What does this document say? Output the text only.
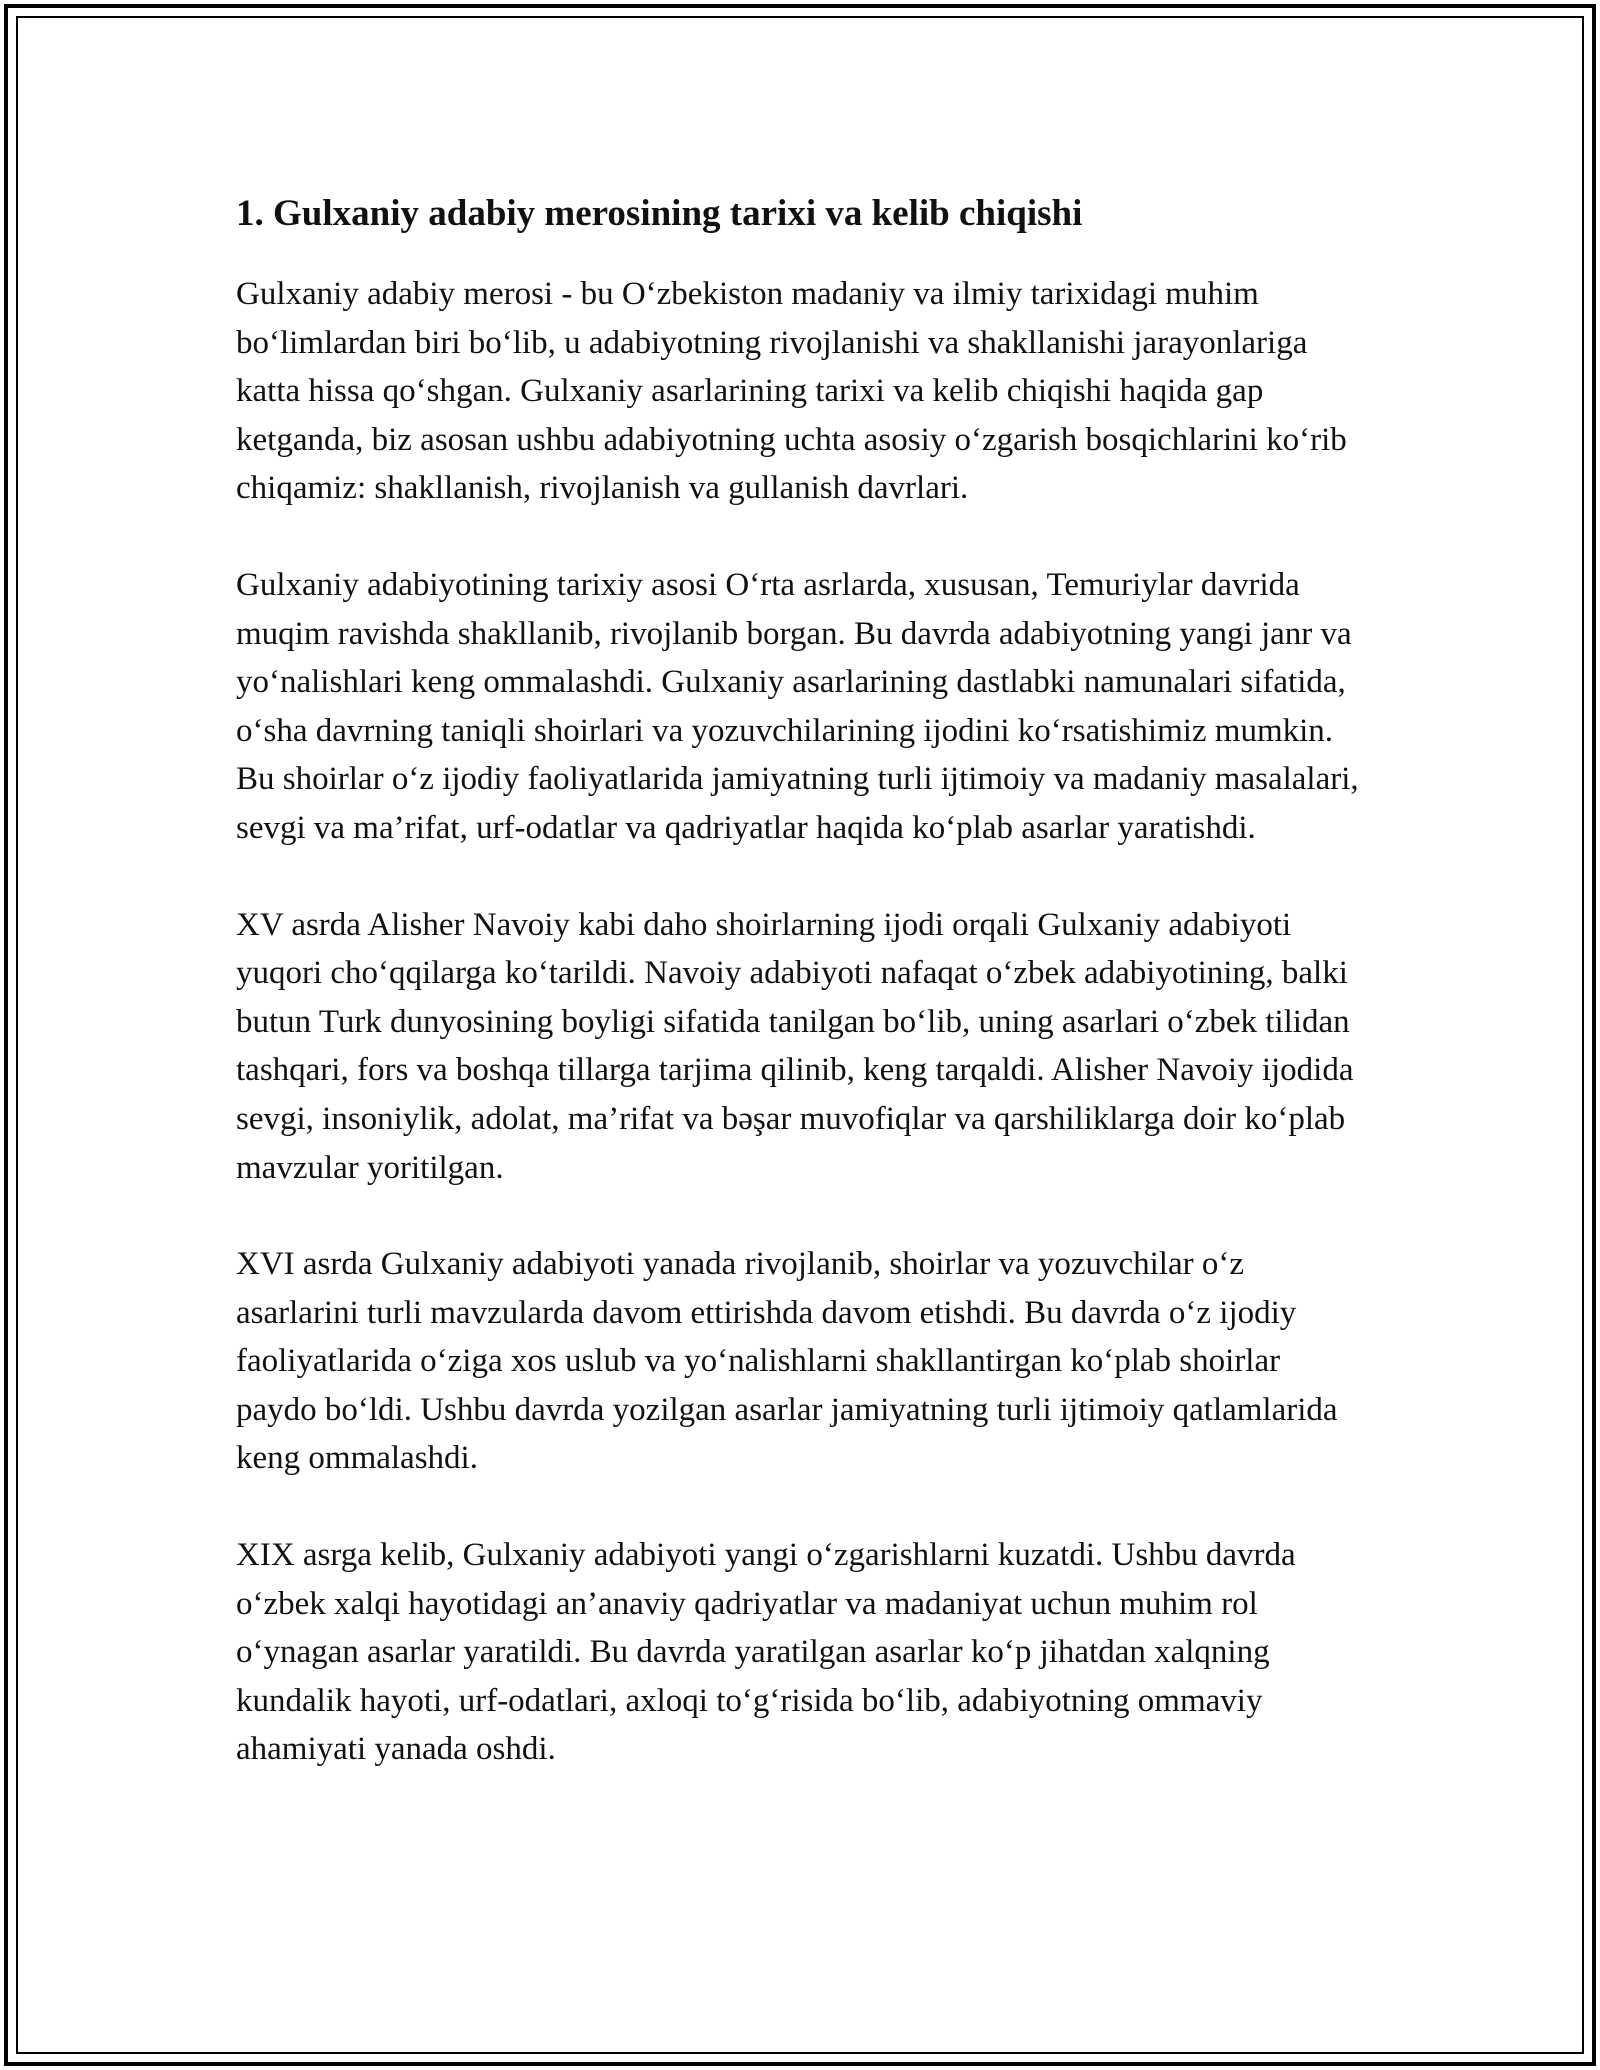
1. Gulxaniy adabiy merosining tarixi va kelib chiqishi

Gulxaniy adabiy merosi - bu O‘zbekiston madaniy va ilmiy tarixidagi muhim bo‘limlardan biri bo‘lib, u adabiyotning rivojlanishi va shakllanishi jarayonlariga katta hissa qo‘shgan. Gulxaniy asarlarining tarixi va kelib chiqishi haqida gap ketganda, biz asosan ushbu adabiyotning uchta asosiy o‘zgarish bosqichlarini ko‘rib chiqamiz: shakllanish, rivojlanish va gullanish davrlari.

Gulxaniy adabiyotining tarixiy asosi O‘rta asrlarda, xususan, Temuriylar davrida muqim ravishda shakllanib, rivojlanib borgan. Bu davrda adabiyotning yangi janr va yo‘nalishlari keng ommalashdi. Gulxaniy asarlarining dastlabki namunalari sifatida, o‘sha davrning taniqli shoirlari va yozuvchilarining ijodini ko‘rsatishimiz mumkin. Bu shoirlar o‘z ijodiy faoliyatlarida jamiyatning turli ijtimoiy va madaniy masalalari, sevgi va ma’rifat, urf-odatlar va qadriyatlar haqida ko‘plab asarlar yaratishdi.

XV asrda Alisher Navoiy kabi daho shoirlarning ijodi orqali Gulxaniy adabiyoti yuqori cho‘qqilarga ko‘tarildi. Navoiy adabiyoti nafaqat o‘zbek adabiyotining, balki butun Turk dunyosining boyligi sifatida tanilgan bo‘lib, uning asarlari o‘zbek tilidan tashqari, fors va boshqa tillarga tarjima qilinib, keng tarqaldi. Alisher Navoiy ijodida sevgi, insoniylik, adolat, ma’rifat va bəşar muvofiqlar va qarshiliklarga doir ko‘plab mavzular yoritilgan.

XVI asrda Gulxaniy adabiyoti yanada rivojlanib, shoirlar va yozuvchilar o‘z asarlarini turli mavzularda davom ettirishda davom etishdi. Bu davrda o‘z ijodiy faoliyatlarida o‘ziga xos uslub va yo‘nalishlarni shakllantirgan ko‘plab shoirlar paydo bo‘ldi. Ushbu davrda yozilgan asarlar jamiyatning turli ijtimoiy qatlamlarida keng ommalashdi.

XIX asrga kelib, Gulxaniy adabiyoti yangi o‘zgarishlarni kuzatdi. Ushbu davrda o‘zbek xalqi hayotidagi an’anaviy qadriyatlar va madaniyat uchun muhim rol o‘ynagan asarlar yaratildi. Bu davrda yaratilgan asarlar ko‘p jihatdan xalqning kundalik hayoti, urf-odatlari, axloqi to‘g‘risida bo‘lib, adabiyotning ommaviy ahamiyati yanada oshdi.
